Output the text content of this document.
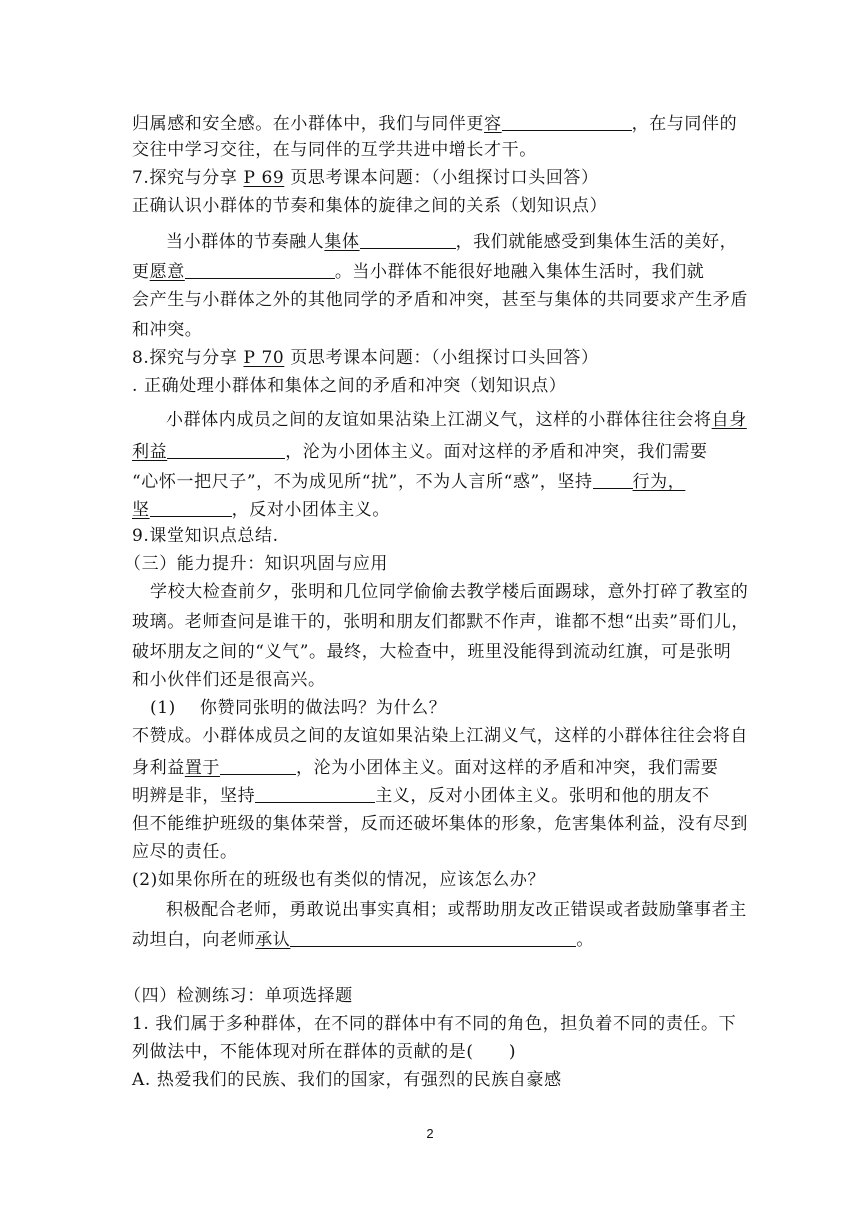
归属感和安全感。在小群体中，我们与同伴更容	，在与同伴的
交往中学习交往，在与同伴的互学共进中增长才干。
7.探究与分享 P 69 页思考课本问题：（小组探讨口头回答）
正确认识小群体的节奏和集体的旋律之间的关系（划知识点）
当小群体的节奏融人集体	，我们就能感受到集体生活的美好，
更愿意	。当小群体不能很好地融入集体生活时，我们就
会产生与小群体之外的其他同学的矛盾和冲突，甚至与集体的共同要求产生矛盾
和冲突。
8.探究与分享 P 70 页思考课本问题：（小组探讨口头回答）
. 正确处理小群体和集体之间的矛盾和冲突（划知识点）
小群体内成员之间的友谊如果沾染上江湖义气，这样的小群体往往会将自身
利益	，沦为小团体主义。面对这样的矛盾和冲突，我们需要
“心怀一把尺子”，不为成见所“扰”，不为人言所“惑”，坚持 行为，
坚	，反对小团体主义。
9.课堂知识点总结.
（三）能力提升：知识巩固与应用
学校大检查前夕，张明和几位同学偷偷去教学楼后面踢球，意外打碎了教室的
玻璃。老师查问是谁干的，张明和朋友们都默不作声，谁都不想“出卖”哥们儿，
破坏朋友之间的“义气”。最终，大检查中，班里没能得到流动红旗，可是张明
和小伙伴们还是很高兴。
(1) 你赞同张明的做法吗？为什么？
不赞成。小群体成员之间的友谊如果沾染上江湖义气，这样的小群体往往会将自
身利益置于	，沦为小团体主义。面对这样的矛盾和冲突，我们需要
明辨是非，坚持	主义，反对小团体主义。张明和他的朋友不
但不能维护班级的集体荣誉，反而还破坏集体的形象，危害集体利益，没有尽到
应尽的责任。
(2)如果你所在的班级也有类似的情况，应该怎么办？
积极配合老师，勇敢说出事实真相；或帮助朋友改正错误或者鼓励肇事者主
动坦白，向老师承认	。
（四）检测练习：单项选择题
1. 我们属于多种群体，在不同的群体中有不同的角色，担负着不同的责任。下
列做法中，不能体现对所在群体的贡献的是(　　)
A. 热爱我们的民族、我们的国家，有强烈的民族自豪感
2
